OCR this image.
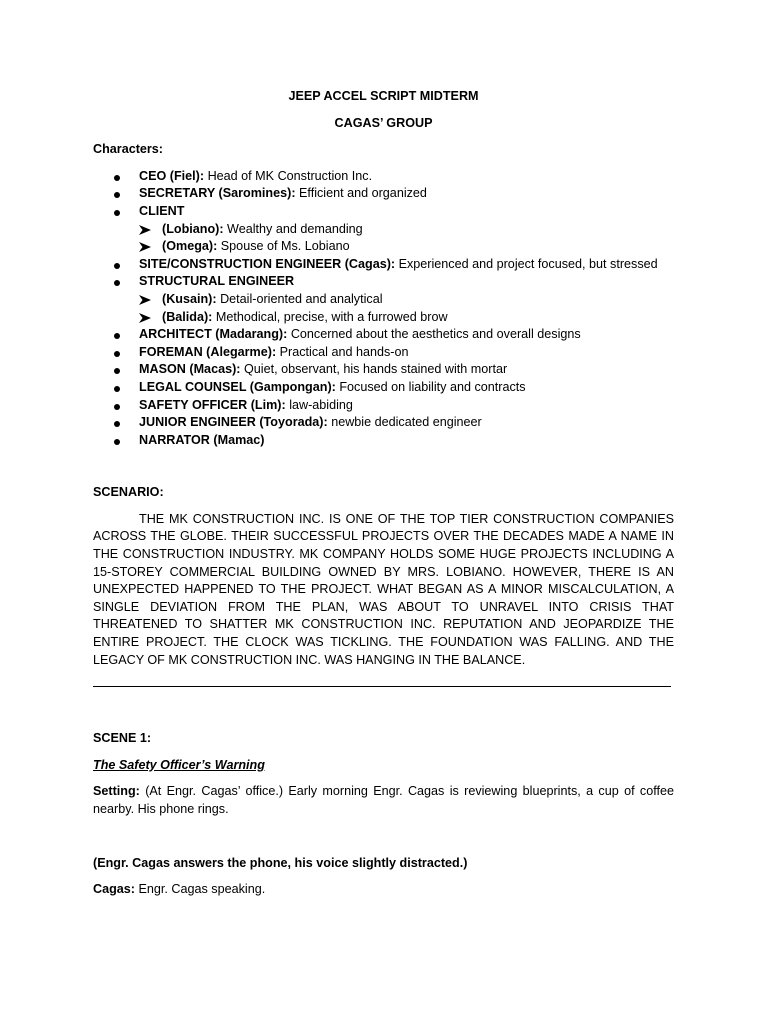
JEEP ACCEL SCRIPT MIDTERM

CAGAS’ GROUP

Characters:

CEO (Fiel): Head of MK Construction Inc.
SECRETARY (Saromines): Efficient and organized
CLIENT
(Lobiano): Wealthy and demanding
(Omega): Spouse of Ms. Lobiano
SITE/CONSTRUCTION ENGINEER (Cagas): Experienced and project focused, but stressed
STRUCTURAL ENGINEER
(Kusain): Detail-oriented and analytical
(Balida): Methodical, precise, with a furrowed brow
ARCHITECT (Madarang): Concerned about the aesthetics and overall designs
FOREMAN (Alegarme): Practical and hands-on
MASON (Macas): Quiet, observant, his hands stained with mortar
LEGAL COUNSEL (Gampongan): Focused on liability and contracts
SAFETY OFFICER (Lim): law-abiding
JUNIOR ENGINEER (Toyorada): newbie dedicated engineer
NARRATOR (Mamac)

SCENARIO:

THE MK CONSTRUCTION INC. IS ONE OF THE TOP TIER CONSTRUCTION COMPANIES ACROSS THE GLOBE. THEIR SUCCESSFUL PROJECTS OVER THE DECADES MADE A NAME IN THE CONSTRUCTION INDUSTRY. MK COMPANY HOLDS SOME HUGE PROJECTS INCLUDING A 15-STOREY COMMERCIAL BUILDING OWNED BY MRS. LOBIANO. HOWEVER, THERE IS AN UNEXPECTED HAPPENED TO THE PROJECT. WHAT BEGAN AS A MINOR MISCALCULATION, A SINGLE DEVIATION FROM THE PLAN, WAS ABOUT TO UNRAVEL INTO CRISIS THAT THREATENED TO SHATTER MK CONSTRUCTION INC. REPUTATION AND JEOPARDIZE THE ENTIRE PROJECT. THE CLOCK WAS TICKLING. THE FOUNDATION WAS FALLING. AND THE LEGACY OF MK CONSTRUCTION INC. WAS HANGING IN THE BALANCE.

SCENE 1:

The Safety Officer’s Warning

Setting: (At Engr. Cagas’ office.) Early morning Engr. Cagas is reviewing blueprints, a cup of coffee nearby. His phone rings.

(Engr. Cagas answers the phone, his voice slightly distracted.)

Cagas: Engr. Cagas speaking.
